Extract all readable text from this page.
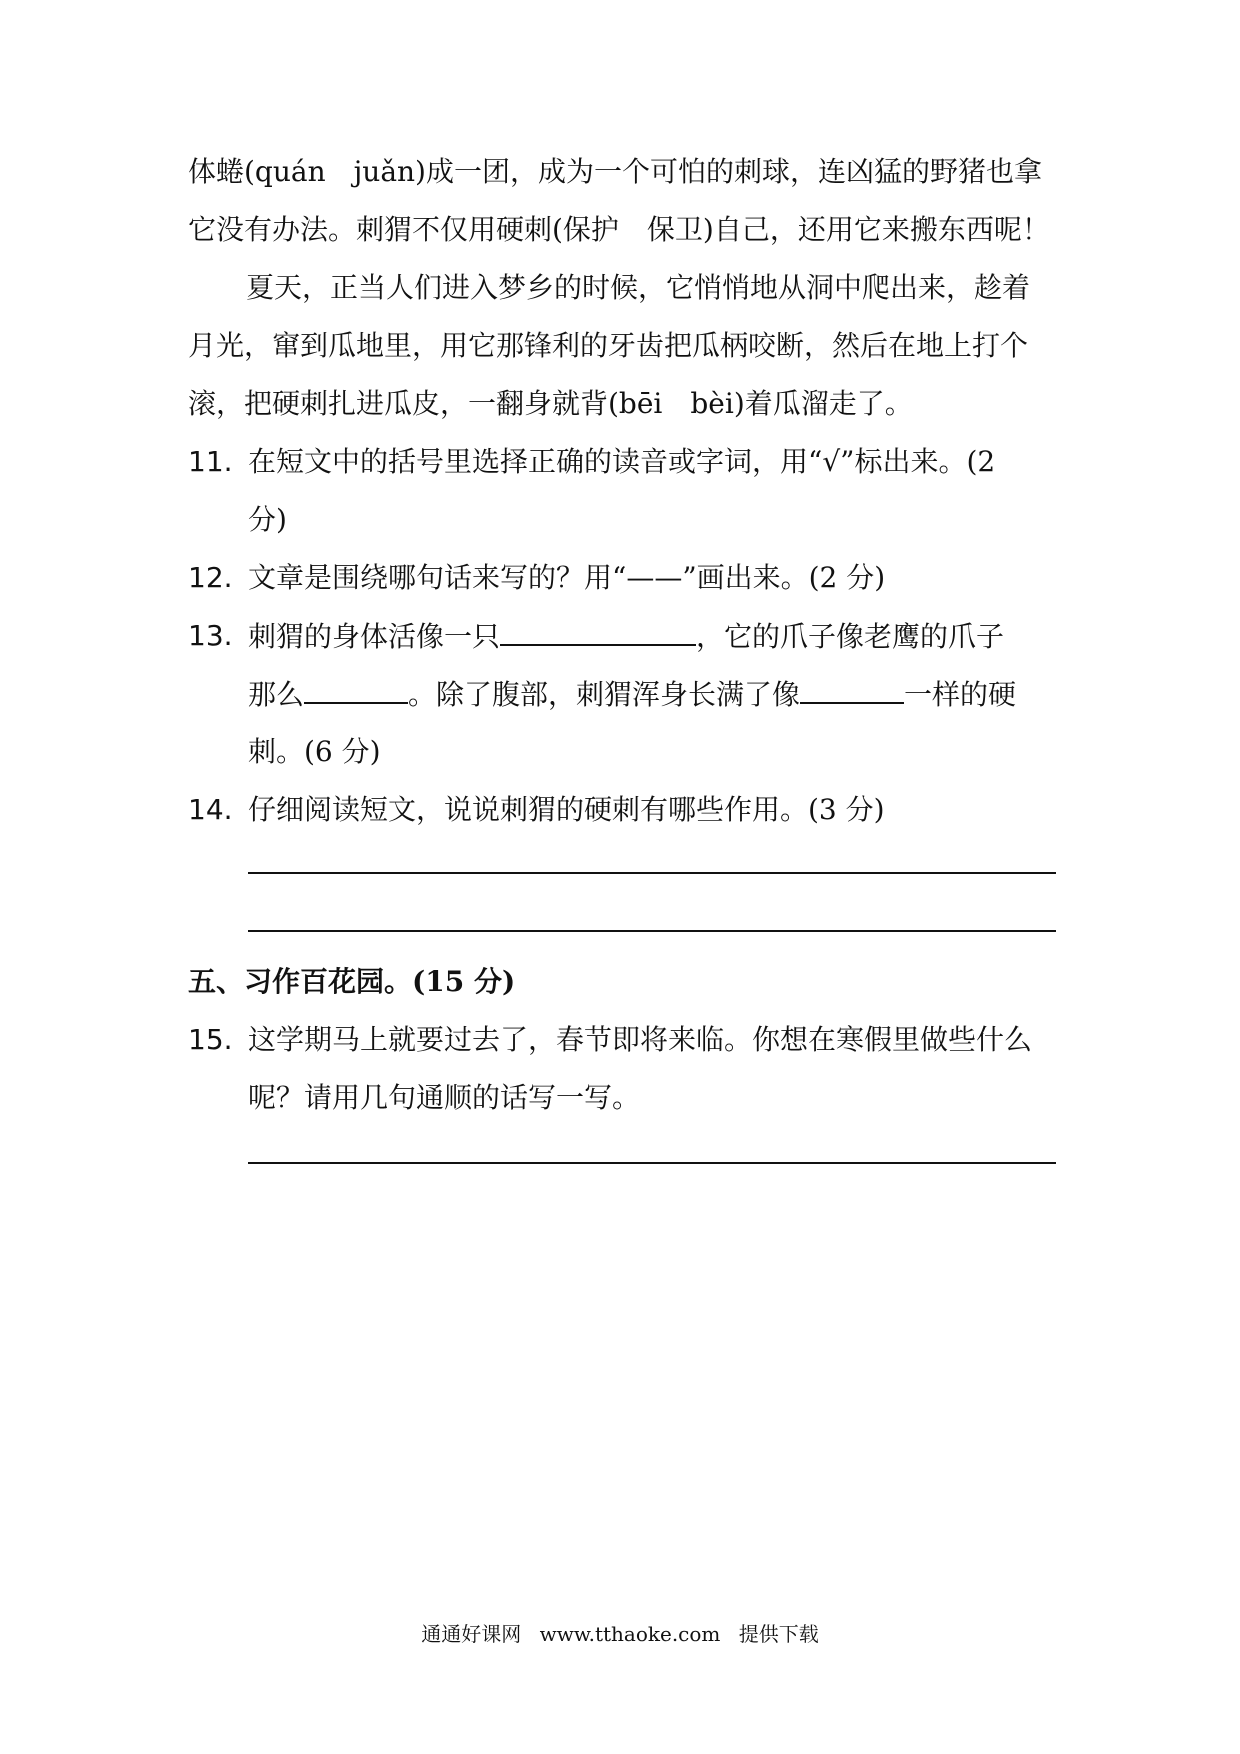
体蜷(quán　juǎn)成一团，成为一个可怕的刺球，连凶猛的野猪也拿
它没有办法。刺猬不仅用硬刺(保护　保卫)自己，还用它来搬东西呢！
夏天，正当人们进入梦乡的时候，它悄悄地从洞中爬出来，趁着
月光，窜到瓜地里，用它那锋利的牙齿把瓜柄咬断，然后在地上打个
滚，把硬刺扎进瓜皮，一翻身就背(bēi　bèi)着瓜溜走了。
11. 在短文中的括号里选择正确的读音或字词，用“√”标出来。(2
分)
12. 文章是围绕哪句话来写的？用“——”画出来。(2 分)
13. 刺猬的身体活像一只	，它的爪子像老鹰的爪子
那么	。除了腹部，刺猬浑身长满了像	一样的硬
刺。(6 分)
14. 仔细阅读短文，说说刺猬的硬刺有哪些作用。(3 分)
五、习作百花园。(15 分)
15. 这学期马上就要过去了，春节即将来临。你想在寒假里做些什么
呢？请用几句通顺的话写一写。
通通好课网 www.tthaoke.com 提供下载
